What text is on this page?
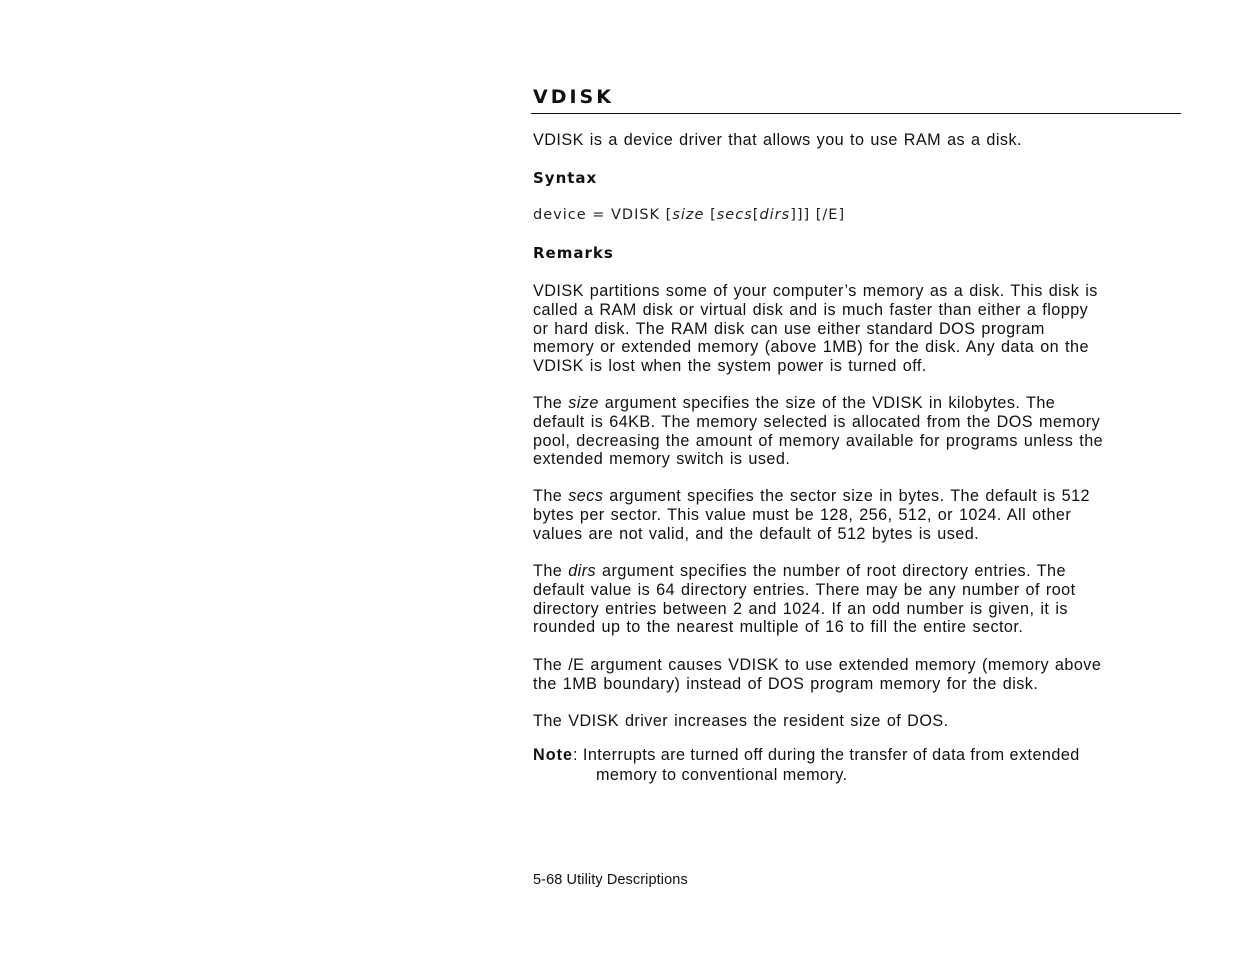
VDISK

VDISK is a device driver that allows you to use RAM as a disk.

Syntax

device = VDISK [size [secs[dirs]]] [/E]

Remarks
VDISK partitions some of your computer’s memory as a disk. This disk is
called a RAM disk or virtual disk and is much faster than either a floppy
or hard disk. The RAM disk can use either standard DOS program
memory or extended memory (above 1MB) for the disk. Any data on the
VDISK is lost when the system power is turned off.
The size argument specifies the size of the VDISK in kilobytes. The
default is 64KB. The memory selected is allocated from the DOS memory
pool, decreasing the amount of memory available for programs unless the
extended memory switch is used.
The secs argument specifies the sector size in bytes. The default is 512
bytes per sector. This value must be 128, 256, 512, or 1024. All other
values are not valid, and the default of 512 bytes is used.
The dirs argument specifies the number of root directory entries. The
default value is 64 directory entries. There may be any number of root
directory entries between 2 and 1024. If an odd number is given, it is
rounded up to the nearest multiple of 16 to fill the entire sector.
The /E argument causes VDISK to use extended memory (memory above
the 1MB boundary) instead of DOS program memory for the disk.

The VDISK driver increases the resident size of DOS.

Note: Interrupts are turned off during the transfer of data from extended
memory to conventional memory.
5-68 Utility Descriptions
